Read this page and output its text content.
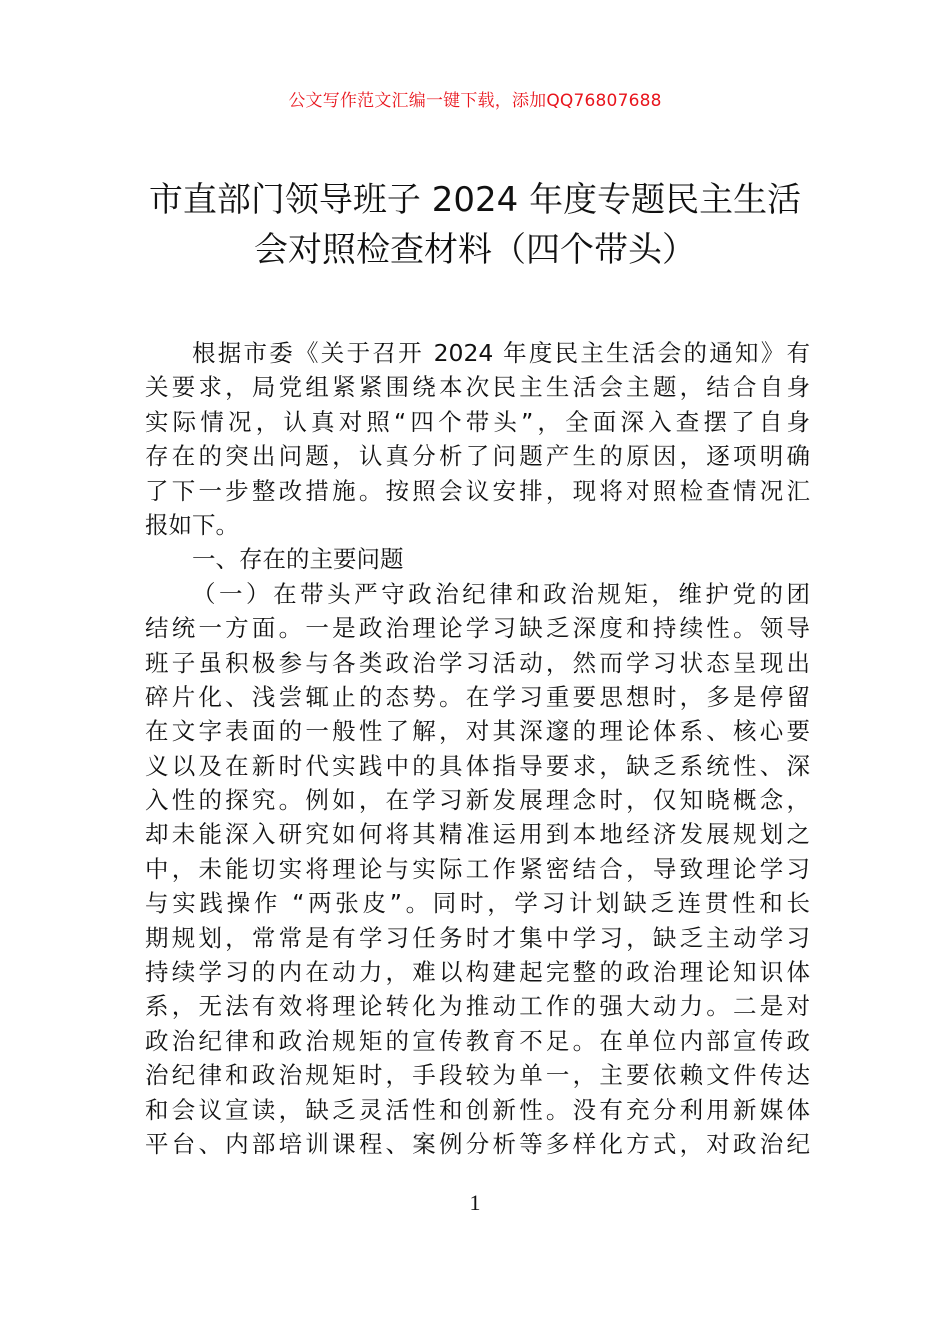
公文写作范文汇编一键下载，添加QQ76807688
市直部门领导班子 2024 年度专题民主生活
会对照检查材料（四个带头）
根据市委《关于召开 2024 年度民主生活会的通知》有
关要求，局党组紧紧围绕本次民主生活会主题，结合自身
实际情况，认真对照“四个带头”，全面深入查摆了自身
存在的突出问题，认真分析了问题产生的原因，逐项明确
了下一步整改措施。按照会议安排，现将对照检查情况汇
报如下。
一、存在的主要问题
（一）在带头严守政治纪律和政治规矩，维护党的团
结统一方面。一是政治理论学习缺乏深度和持续性。领导
班子虽积极参与各类政治学习活动，然而学习状态呈现出
碎片化、浅尝辄止的态势。在学习重要思想时，多是停留
在文字表面的一般性了解，对其深邃的理论体系、核心要
义以及在新时代实践中的具体指导要求，缺乏系统性、深
入性的探究。例如，在学习新发展理念时，仅知晓概念，
却未能深入研究如何将其精准运用到本地经济发展规划之
中，未能切实将理论与实际工作紧密结合，导致理论学习
与实践操作 “两张皮”。同时，学习计划缺乏连贯性和长
期规划，常常是有学习任务时才集中学习，缺乏主动学习
持续学习的内在动力，难以构建起完整的政治理论知识体
系，无法有效将理论转化为推动工作的强大动力。二是对
政治纪律和政治规矩的宣传教育不足。在单位内部宣传政
治纪律和政治规矩时，手段较为单一，主要依赖文件传达
和会议宣读，缺乏灵活性和创新性。没有充分利用新媒体
平台、内部培训课程、案例分析等多样化方式，对政治纪
1
